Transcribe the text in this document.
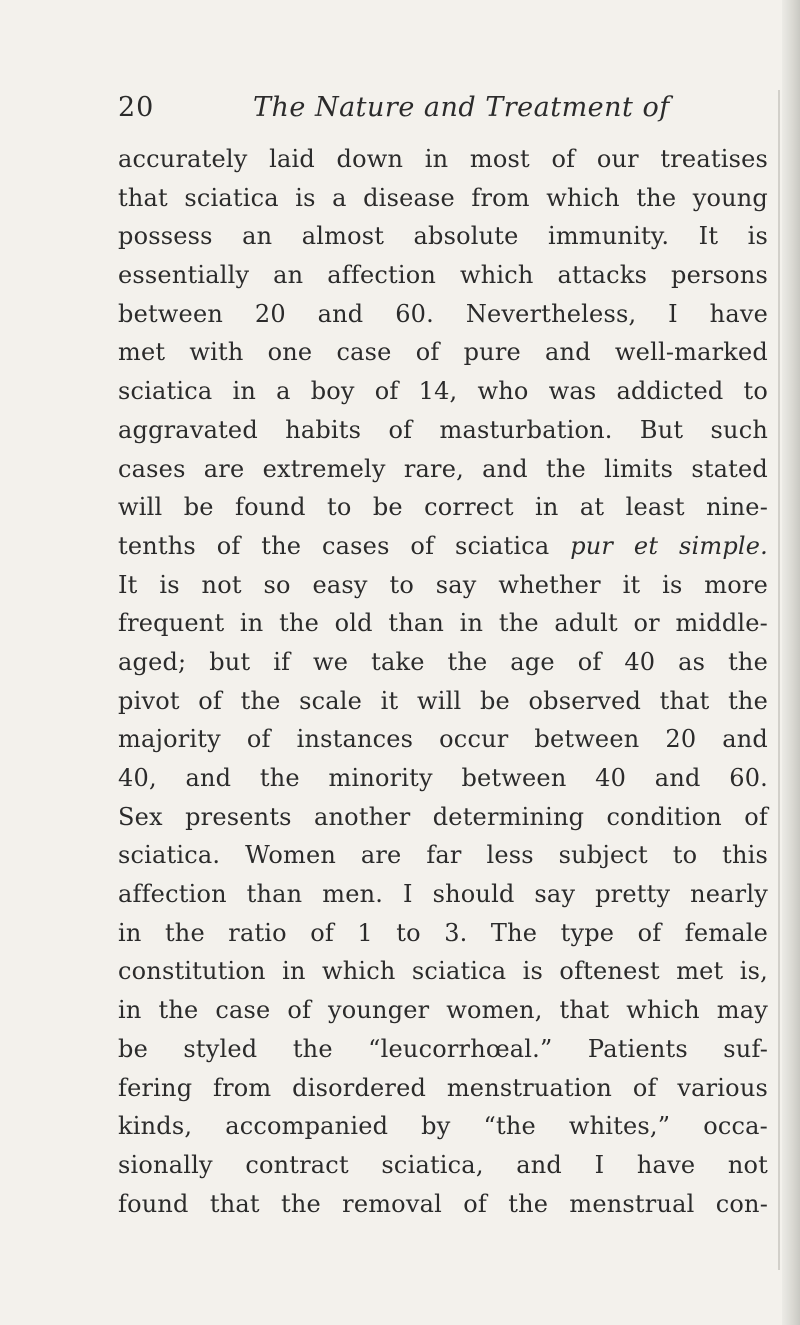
20	The Nature and Treatment of
accurately laid down in most of our treatises
that sciatica is a disease from which the young
possess an almost absolute immunity. It is
essentially an affection which attacks persons
between 20 and 60. Nevertheless, I have
met with one case of pure and well-marked
sciatica in a boy of 14, who was addicted to
aggravated habits of masturbation. But such
cases are extremely rare, and the limits stated
will be found to be correct in at least nine-
tenths of the cases of sciatica pur et simple.
It is not so easy to say whether it is more
frequent in the old than in the adult or middle-
aged; but if we take the age of 40 as the
pivot of the scale it will be observed that the
majority of instances occur between 20 and
40, and the minority between 40 and 60.
Sex presents another determining condition of
sciatica. Women are far less subject to this
affection than men. I should say pretty nearly
in the ratio of 1 to 3. The type of female
constitution in which sciatica is oftenest met is,
in the case of younger women, that which may
be styled the “leucorrhœal.” Patients suf-
fering from disordered menstruation of various
kinds, accompanied by “the whites,” occa-
sionally contract sciatica, and I have not
found that the removal of the menstrual con-
